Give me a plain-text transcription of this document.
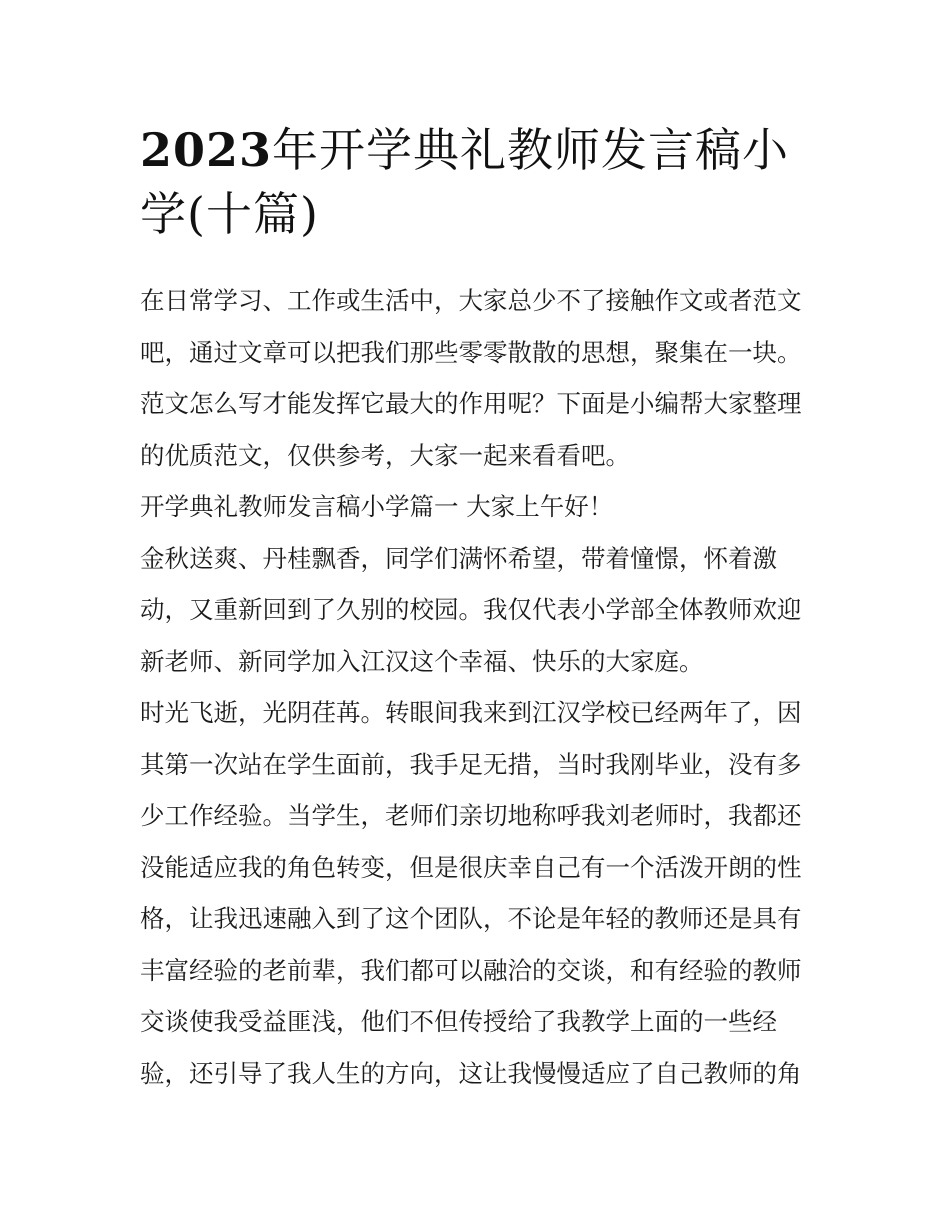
2023年开学典礼教师发言稿小
学(十篇)
在日常学习、工作或生活中，大家总少不了接触作文或者范文
吧，通过文章可以把我们那些零零散散的思想，聚集在一块。
范文怎么写才能发挥它最大的作用呢？下面是小编帮大家整理
的优质范文，仅供参考，大家一起来看看吧。
开学典礼教师发言稿小学篇一 大家上午好！
金秋送爽、丹桂飘香，同学们满怀希望，带着憧憬，怀着激
动，又重新回到了久别的校园。我仅代表小学部全体教师欢迎
新老师、新同学加入江汉这个幸福、快乐的大家庭。
时光飞逝，光阴荏苒。转眼间我来到江汉学校已经两年了，因
其第一次站在学生面前，我手足无措，当时我刚毕业，没有多
少工作经验。当学生，老师们亲切地称呼我刘老师时，我都还
没能适应我的角色转变，但是很庆幸自己有一个活泼开朗的性
格，让我迅速融入到了这个团队，不论是年轻的教师还是具有
丰富经验的老前辈，我们都可以融洽的交谈，和有经验的教师
交谈使我受益匪浅，他们不但传授给了我教学上面的一些经
验，还引导了我人生的方向，这让我慢慢适应了自己教师的角
